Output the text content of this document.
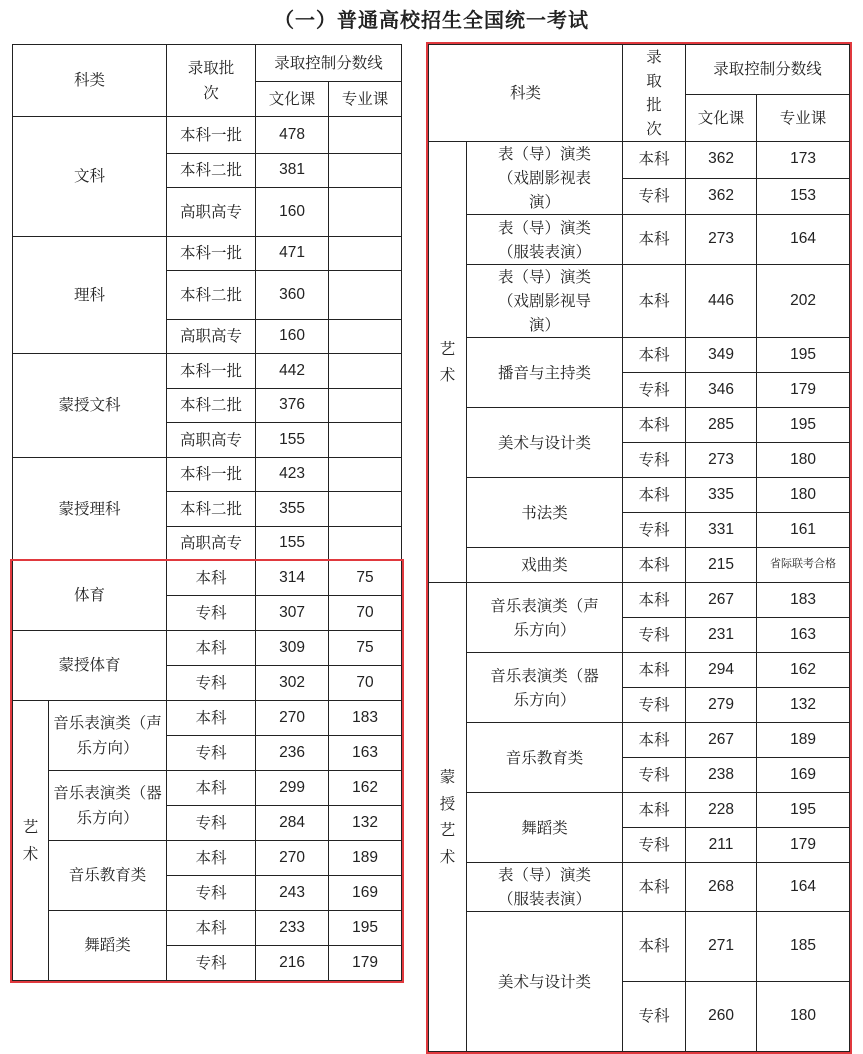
（一）普通高校招生全国统一考试
科类		录取批次	录取控制分数线	
			文化课	专业课
文科		本科一批	478	
		本科二批	381	
		高职高专	160	
理科		本科一批	471	
		本科二批	360	
		高职高专	160	
蒙授文科		本科一批	442	
		本科二批	376	
		高职高专	155	
蒙授理科		本科一批	423	
		本科二批	355	
		高职高专	155	
体育		本科	314	75
		专科	307	70
蒙授体育		本科	309	75
		专科	302	70
艺术	音乐表演类（声乐方向）	本科	270	183
		专科	236	163
	音乐表演类（器乐方向）	本科	299	162
		专科	284	132
	音乐教育类	本科	270	189
		专科	243	169
	舞蹈类	本科	233	195
		专科	216	179
科类		录取批次	录取控制分数线	
			文化课	专业课
艺术	表（导）演类（戏剧影视表演）	本科	362	173
		专科	362	153
	表（导）演类（服装表演）	本科	273	164
	表（导）演类（戏剧影视导演）	本科	446	202
	播音与主持类	本科	349	195
		专科	346	179
	美术与设计类	本科	285	195
		专科	273	180
	书法类	本科	335	180
		专科	331	161
	戏曲类	本科	215	省际联考合格
蒙授艺术	音乐表演类（声乐方向）	本科	267	183
		专科	231	163
	音乐表演类（器乐方向）	本科	294	162
		专科	279	132
	音乐教育类	本科	267	189
		专科	238	169
	舞蹈类	本科	228	195
		专科	211	179
	表（导）演类（服装表演）	本科	268	164
	美术与设计类	本科	271	185
		专科	260	180
